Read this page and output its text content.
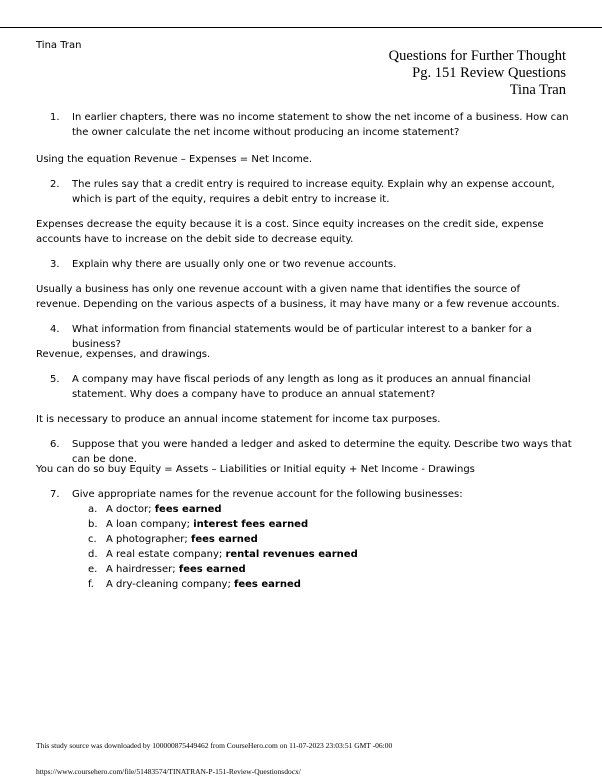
Tina Tran
Questions for Further Thought
Pg. 151 Review Questions
Tina Tran
1. In earlier chapters, there was no income statement to show the net income of a business. How can the owner calculate the net income without producing an income statement?
Using the equation Revenue – Expenses = Net Income.
2. The rules say that a credit entry is required to increase equity. Explain why an expense account, which is part of the equity, requires a debit entry to increase it.
Expenses decrease the equity because it is a cost. Since equity increases on the credit side, expense accounts have to increase on the debit side to decrease equity.
3. Explain why there are usually only one or two revenue accounts.
Usually a business has only one revenue account with a given name that identifies the source of revenue. Depending on the various aspects of a business, it may have many or a few revenue accounts.
4. What information from financial statements would be of particular interest to a banker for a business?
Revenue, expenses, and drawings.
5. A company may have fiscal periods of any length as long as it produces an annual financial statement. Why does a company have to produce an annual statement?
It is necessary to produce an annual income statement for income tax purposes.
6. Suppose that you were handed a ledger and asked to determine the equity. Describe two ways that can be done.
You can do so buy Equity = Assets – Liabilities or Initial equity + Net Income - Drawings
7. Give appropriate names for the revenue account for the following businesses:
a. A doctor; fees earned
b. A loan company; interest fees earned
c. A photographer; fees earned
d. A real estate company; rental revenues earned
e. A hairdresser; fees earned
f. A dry-cleaning company; fees earned
This study source was downloaded by 100000875449462 from CourseHero.com on 11-07-2023 23:03:51 GMT -06:00
https://www.coursehero.com/file/51483574/TINATRAN-P-151-Review-Questionsdocx/
